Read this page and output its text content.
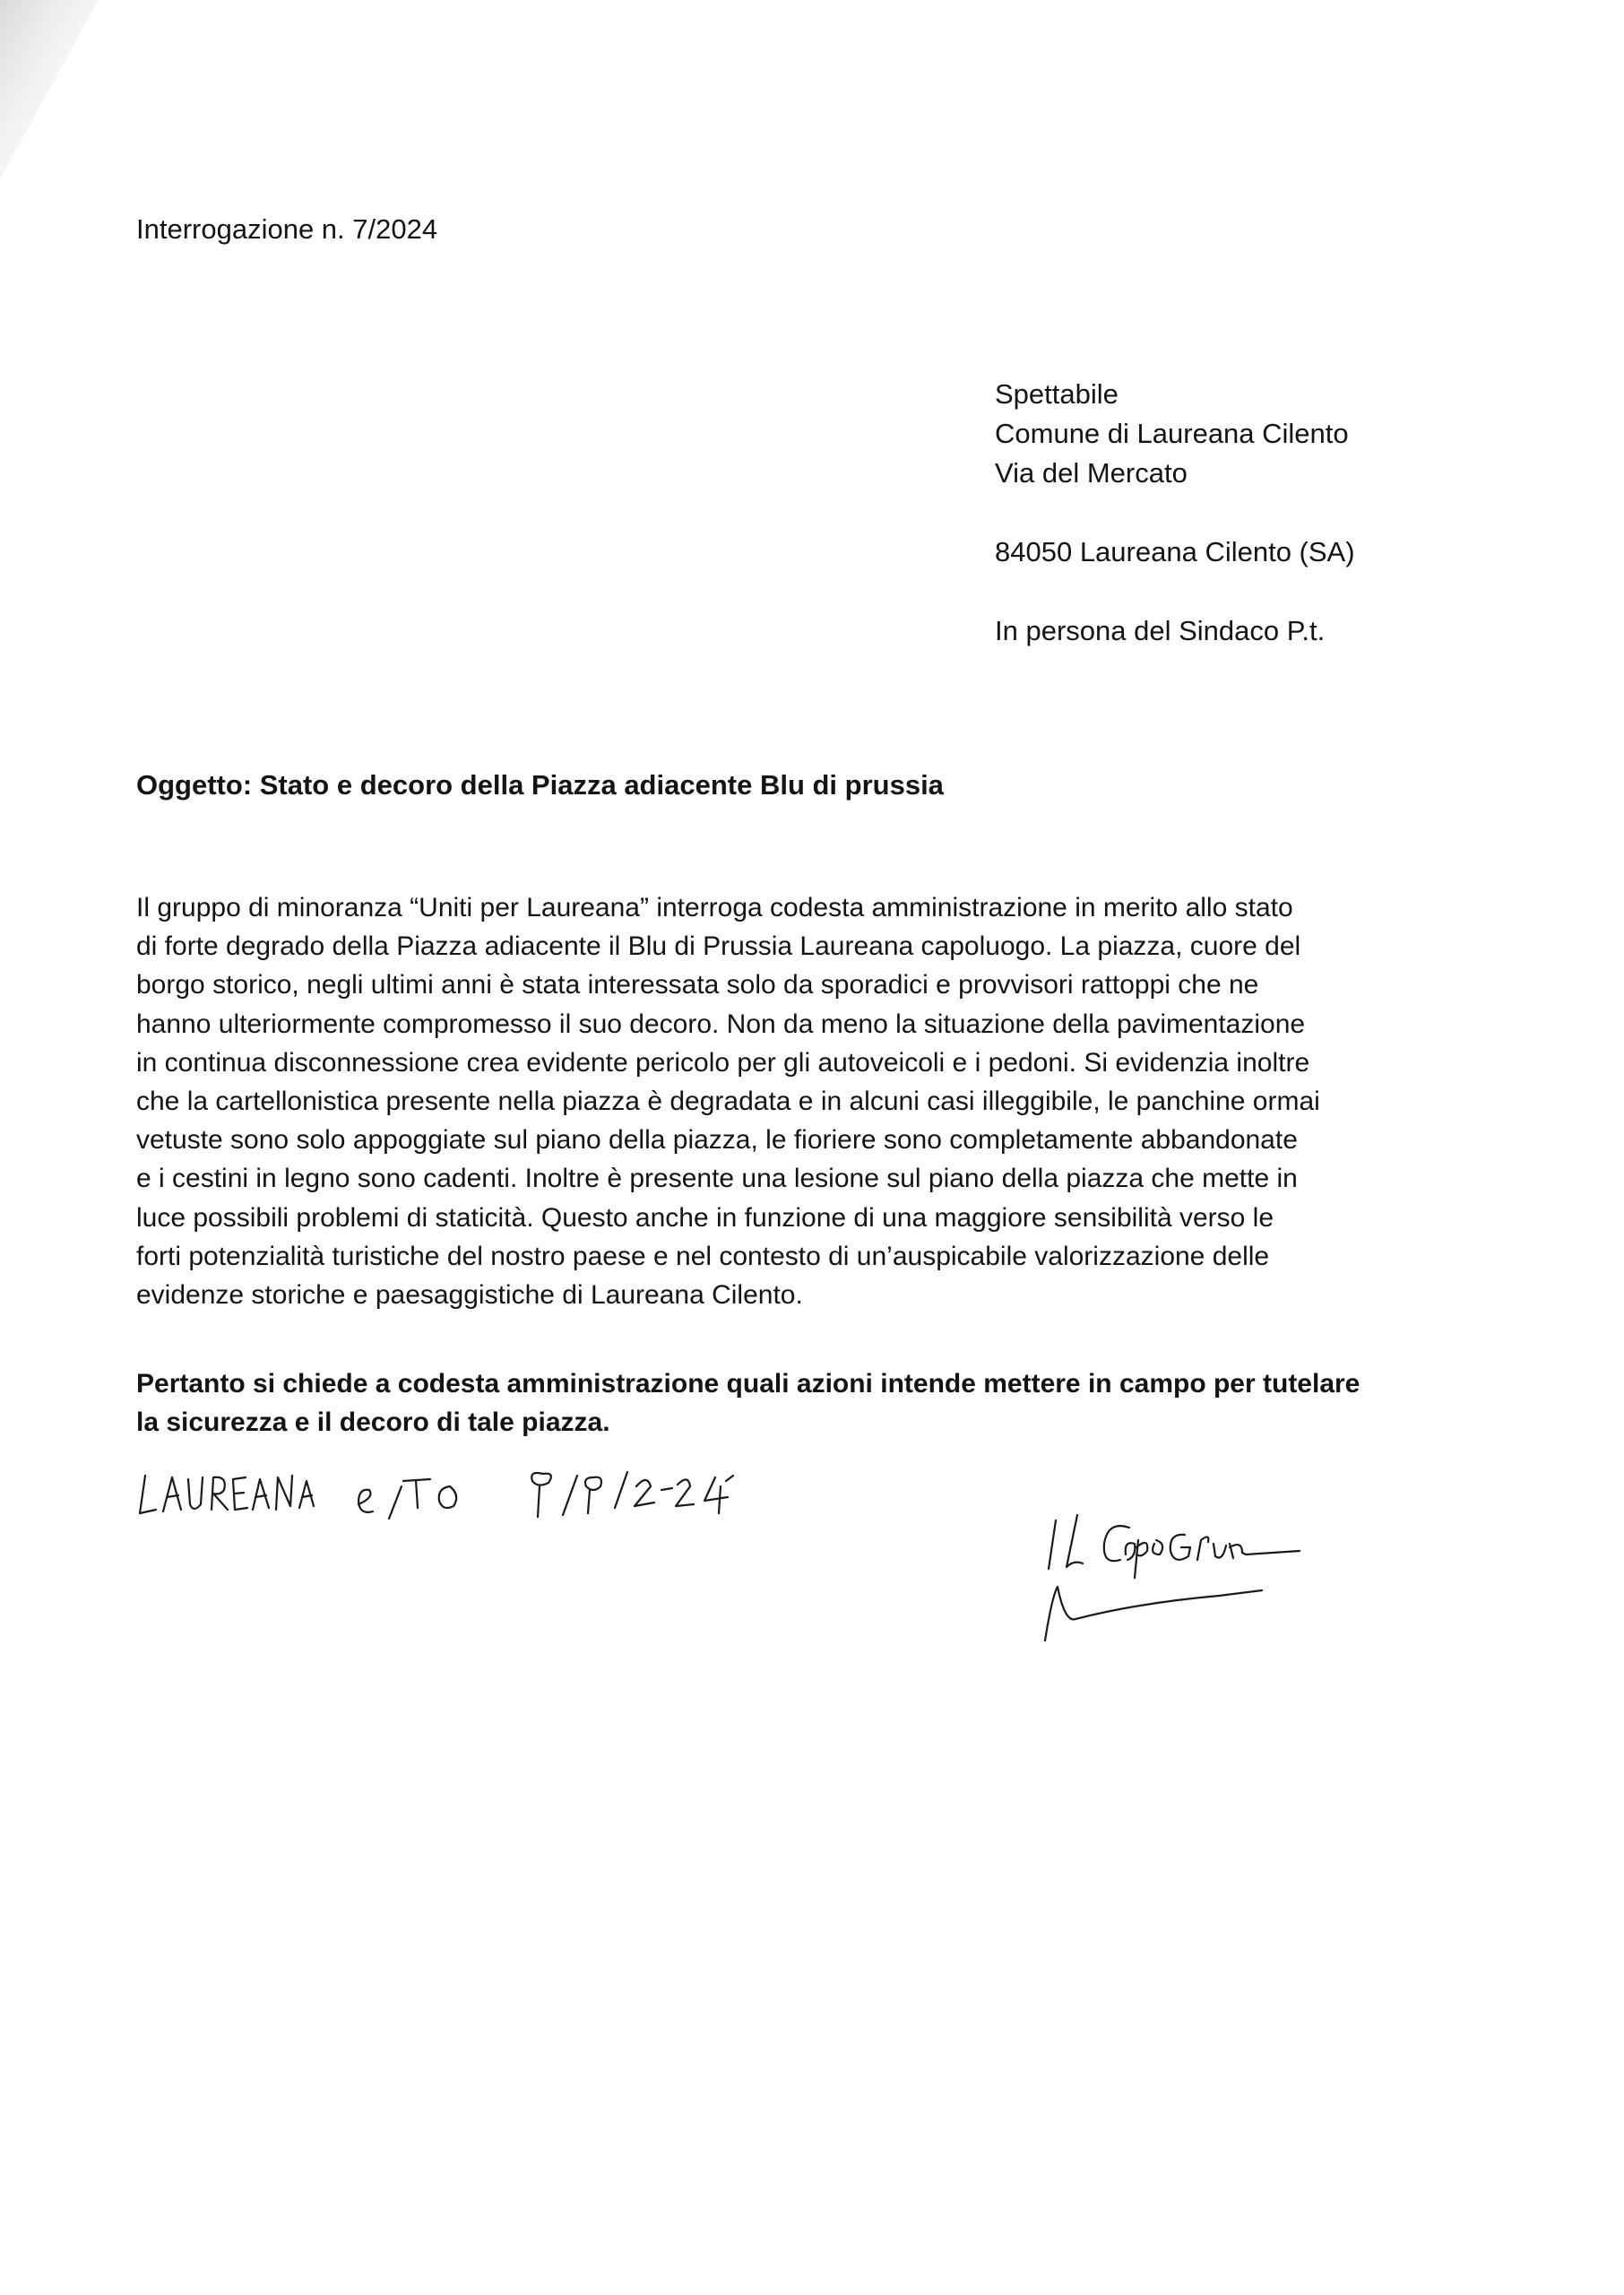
Interrogazione n. 7/2024
Spettabile
Comune di Laureana Cilento
Via del Mercato
84050 Laureana Cilento (SA)
In persona del Sindaco P.t.
Oggetto: Stato e decoro della Piazza adiacente Blu di prussia
Il gruppo di minoranza “Uniti per Laureana” interroga codesta amministrazione in merito allo stato
di forte degrado della Piazza adiacente il Blu di Prussia Laureana capoluogo. La piazza, cuore del
borgo storico, negli ultimi anni è stata interessata solo da sporadici e provvisori rattoppi che ne
hanno ulteriormente compromesso il suo decoro. Non da meno la situazione della pavimentazione
in continua disconnessione crea evidente pericolo per gli autoveicoli e i pedoni. Si evidenzia inoltre
che la cartellonistica presente nella piazza è degradata e in alcuni casi illeggibile, le panchine ormai
vetuste sono solo appoggiate sul piano della piazza, le fioriere sono completamente abbandonate
e i cestini in legno sono cadenti. Inoltre è presente una lesione sul piano della piazza che mette in
luce possibili problemi di staticità. Questo anche in funzione di una maggiore sensibilità verso le
forti potenzialità turistiche del nostro paese e nel contesto di un’auspicabile valorizzazione delle
evidenze storiche e paesaggistiche di Laureana Cilento.
Pertanto si chiede a codesta amministrazione quali azioni intende mettere in campo per tutelare
la sicurezza e il decoro di tale piazza.
